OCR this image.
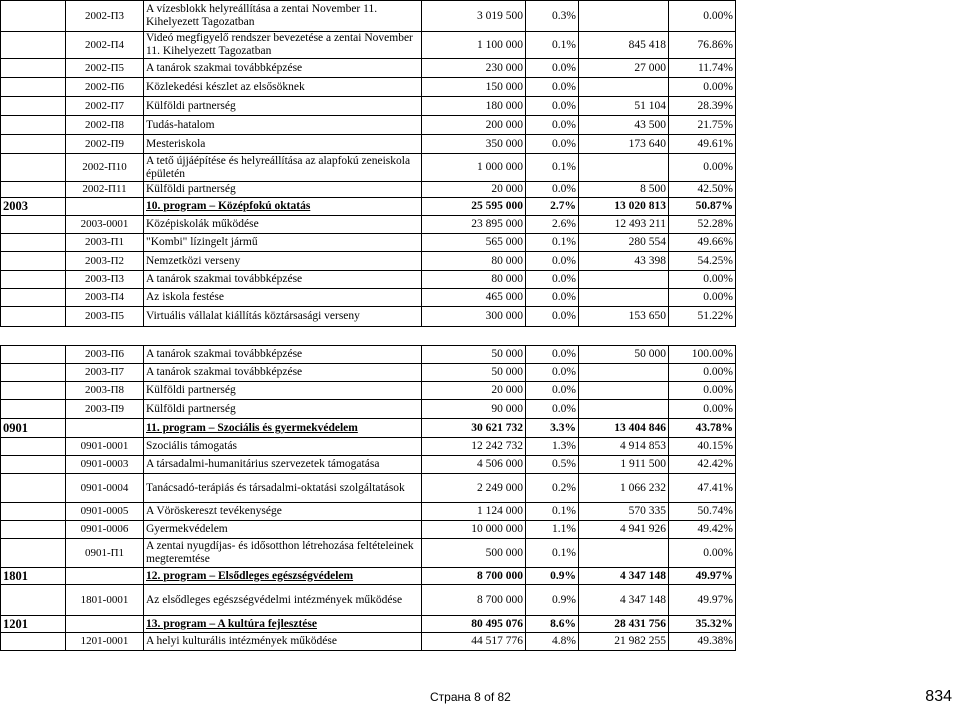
	2002-П3	A vízesblokk helyreállítása a zentai November 11. Kihelyezett Tagozatban	3 019 500	0.3%		0.00%
	2002-П4	Videó megfigyelő rendszer bevezetése a zentai November 11. Kihelyezett Tagozatban	1 100 000	0.1%	845 418	76.86%
	2002-П5	A tanárok szakmai továbbképzése	230 000	0.0%	27 000	11.74%
	2002-П6	Közlekedési készlet az elsősöknek	150 000	0.0%		0.00%
	2002-П7	Külföldi partnerség	180 000	0.0%	51 104	28.39%
	2002-П8	Tudás-hatalom	200 000	0.0%	43 500	21.75%
	2002-П9	Mesteriskola	350 000	0.0%	173 640	49.61%
	2002-П10	A tető újjáépítése és helyreállítása az alapfokú zeneiskola épületén	1 000 000	0.1%		0.00%
	2002-П11	Külföldi partnerség	20 000	0.0%	8 500	42.50%
2003		10. program – Középfokú oktatás	25 595 000	2.7%	13 020 813	50.87%
	2003-0001	Középiskolák működése	23 895 000	2.6%	12 493 211	52.28%
	2003-П1	"Kombi" lízingelt jármű	565 000	0.1%	280 554	49.66%
	2003-П2	Nemzetközi verseny	80 000	0.0%	43 398	54.25%
	2003-П3	A tanárok szakmai továbbképzése	80 000	0.0%		0.00%
	2003-П4	Az iskola festése	465 000	0.0%		0.00%
	2003-П5	Virtuális vállalat kiállítás köztársasági verseny	300 000	0.0%	153 650	51.22%

	2003-П6	A tanárok szakmai továbbképzése	50 000	0.0%	50 000	100.00%
	2003-П7	A tanárok szakmai továbbképzése	50 000	0.0%		0.00%
	2003-П8	Külföldi partnerség	20 000	0.0%		0.00%
	2003-П9	Külföldi partnerség	90 000	0.0%		0.00%
0901		11. program – Szociális és gyermekvédelem	30 621 732	3.3%	13 404 846	43.78%
	0901-0001	Szociális támogatás	12 242 732	1.3%	4 914 853	40.15%
	0901-0003	A társadalmi-humanitárius szervezetek támogatása	4 506 000	0.5%	1 911 500	42.42%
	0901-0004	Tanácsadó-terápiás és társadalmi-oktatási szolgáltatások	2 249 000	0.2%	1 066 232	47.41%
	0901-0005	A Vöröskereszt tevékenysége	1 124 000	0.1%	570 335	50.74%
	0901-0006	Gyermekvédelem	10 000 000	1.1%	4 941 926	49.42%
	0901-П1	A zentai nyugdíjas- és idősotthon létrehozása feltételeinek megteremtése	500 000	0.1%		0.00%
1801		12. program – Elsődleges egészségvédelem	8 700 000	0.9%	4 347 148	49.97%
	1801-0001	Az elsődleges egészségvédelmi intézmények működése	8 700 000	0.9%	4 347 148	49.97%
1201		13. program – A kultúra fejlesztése	80 495 076	8.6%	28 431 756	35.32%
	1201-0001	A helyi kulturális intézmények működése	44 517 776	4.8%	21 982 255	49.38%
Страна 8 of 82	834
